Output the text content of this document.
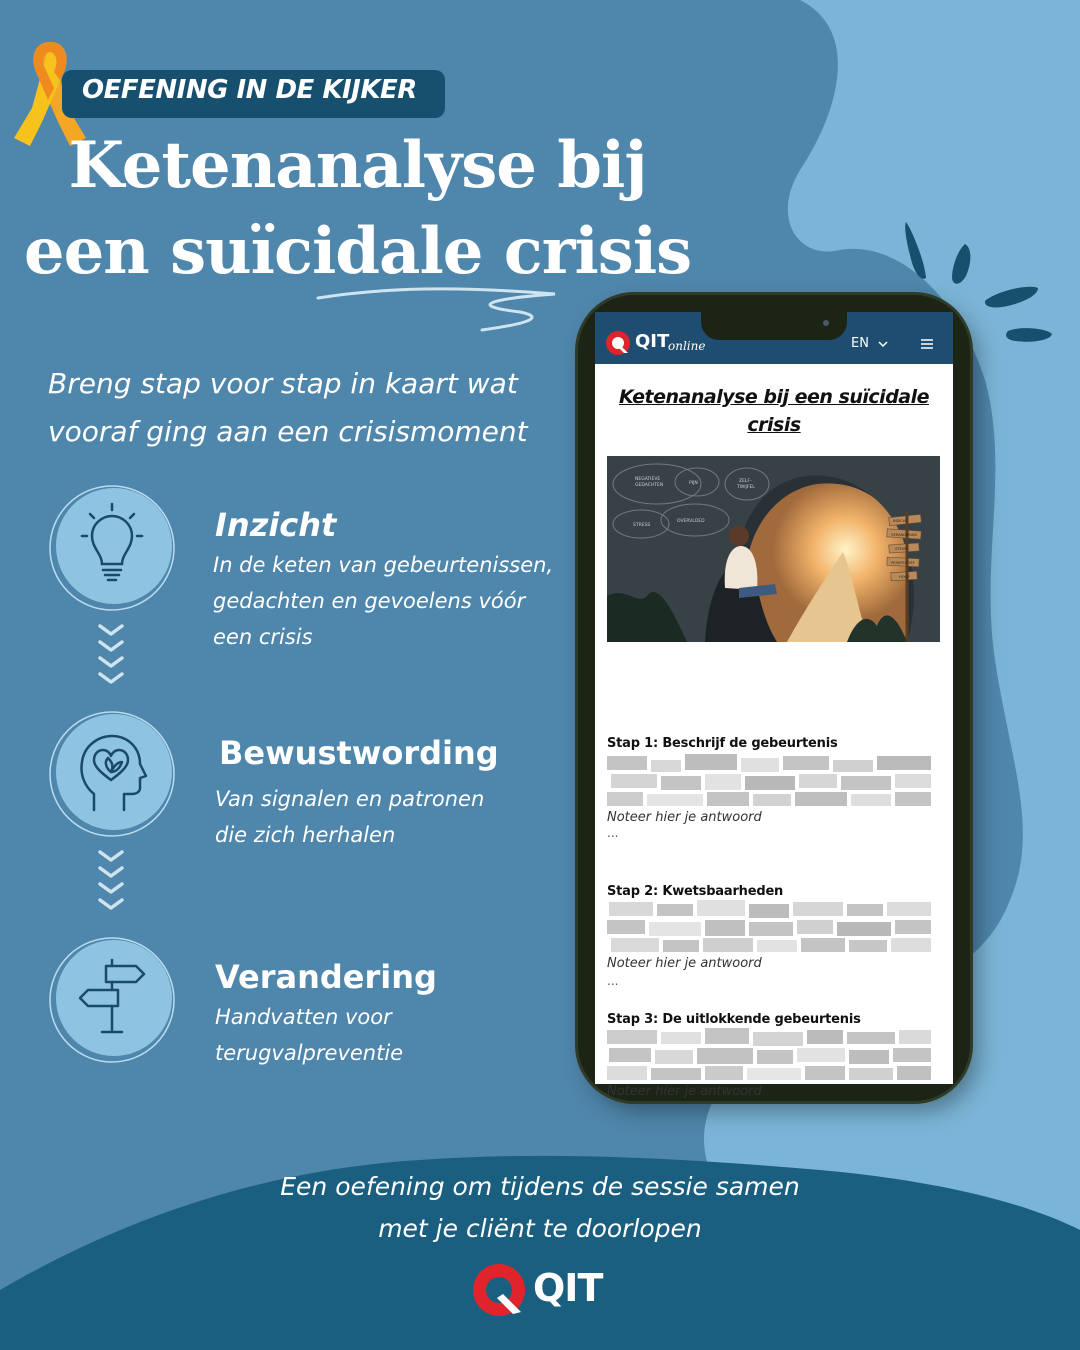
OEFENING IN DE KIJKER
Ketenanalyse bij
een suïcidale crisis
Breng stap voor stap in kaart wat vooraf ging aan een crisismoment
Inzicht
In de keten van gebeurtenissen,
gedachten en gevoelens vóór
een crisis
Bewustwording
Van signalen en patronen
die zich herhalen
Verandering
Handvatten voor
terugvalpreventie
QIT
online	EN
Ketenanalyse bij een suïcidale
crisis
NEGATIEVE
GEDACHTEN	PIJN	ZELF-
TWIJFEL
STRESS
OVERVLOED	INZICHT
VERANDERING
STEUN
PERSPECTIEF
HOOP
Stap 1: Beschrijf de gebeurtenis
Noteer hier je antwoord
...
Stap 2: Kwetsbaarheden
Noteer hier je antwoord
...
Stap 3: De uitlokkende gebeurtenis
Noteer hier je antwoord
Een oefening om tijdens de sessie samen
met je cliënt te doorlopen
QIT
